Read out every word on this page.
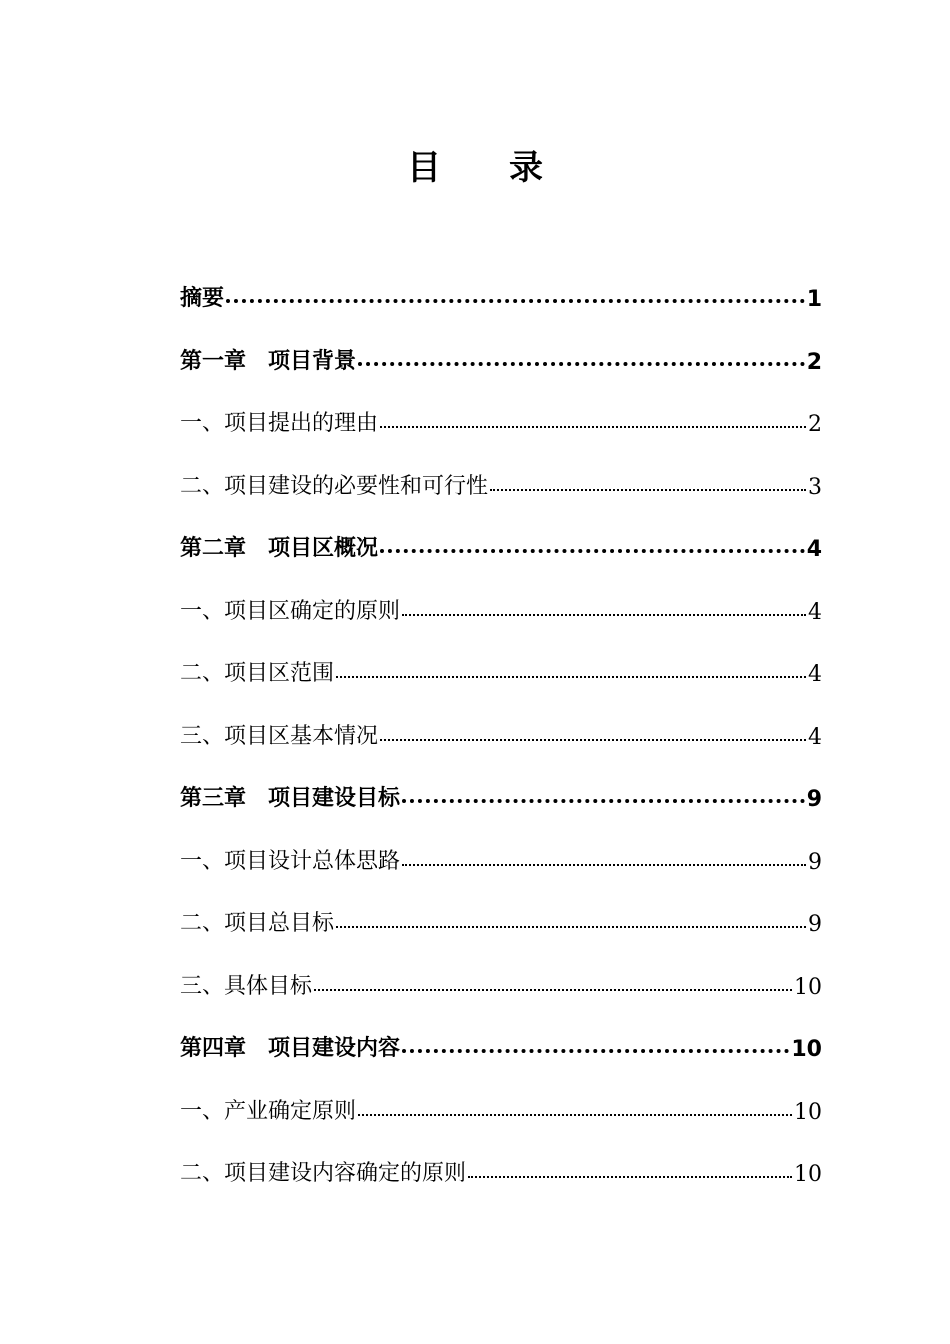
目 录
摘要	1
第一章　项目背景	2
一、项目提出的理由	2
二、项目建设的必要性和可行性	3
第二章　项目区概况	4
一、项目区确定的原则	4
二、项目区范围	4
三、项目区基本情况	4
第三章　项目建设目标	9
一、项目设计总体思路	9
二、项目总目标	9
三、具体目标	10
第四章　项目建设内容	10
一、产业确定原则	10
二、项目建设内容确定的原则	10
